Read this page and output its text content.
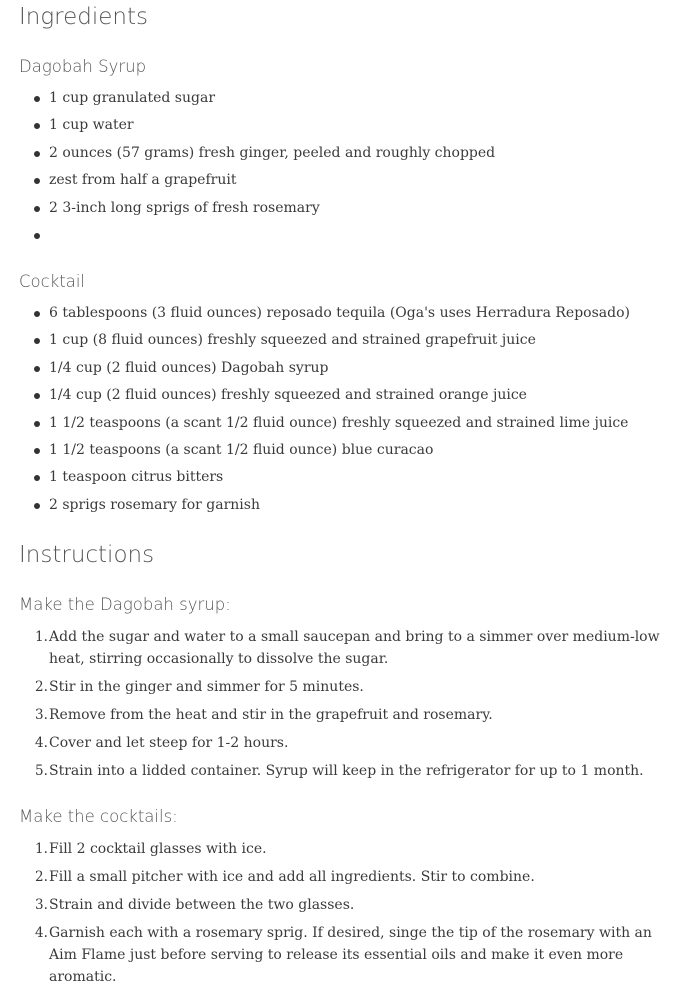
Ingredients
Dagobah Syrup
1 cup granulated sugar
1 cup water
2 ounces (57 grams) fresh ginger, peeled and roughly chopped
zest from half a grapefruit
2 3-inch long sprigs of fresh rosemary
Cocktail
6 tablespoons (3 fluid ounces) reposado tequila (Oga's uses Herradura Reposado)
1 cup (8 fluid ounces) freshly squeezed and strained grapefruit juice
1/4 cup (2 fluid ounces) Dagobah syrup
1/4 cup (2 fluid ounces) freshly squeezed and strained orange juice
1 1/2 teaspoons (a scant 1/2 fluid ounce) freshly squeezed and strained lime juice
1 1/2 teaspoons (a scant 1/2 fluid ounce) blue curacao
1 teaspoon citrus bitters
2 sprigs rosemary for garnish
Instructions
Make the Dagobah syrup:
1. Add the sugar and water to a small saucepan and bring to a simmer over medium-low heat, stirring occasionally to dissolve the sugar.
2. Stir in the ginger and simmer for 5 minutes.
3. Remove from the heat and stir in the grapefruit and rosemary.
4. Cover and let steep for 1-2 hours.
5. Strain into a lidded container. Syrup will keep in the refrigerator for up to 1 month.
Make the cocktails:
1. Fill 2 cocktail glasses with ice.
2. Fill a small pitcher with ice and add all ingredients. Stir to combine.
3. Strain and divide between the two glasses.
4. Garnish each with a rosemary sprig. If desired, singe the tip of the rosemary with an Aim Flame just before serving to release its essential oils and make it even more aromatic.
